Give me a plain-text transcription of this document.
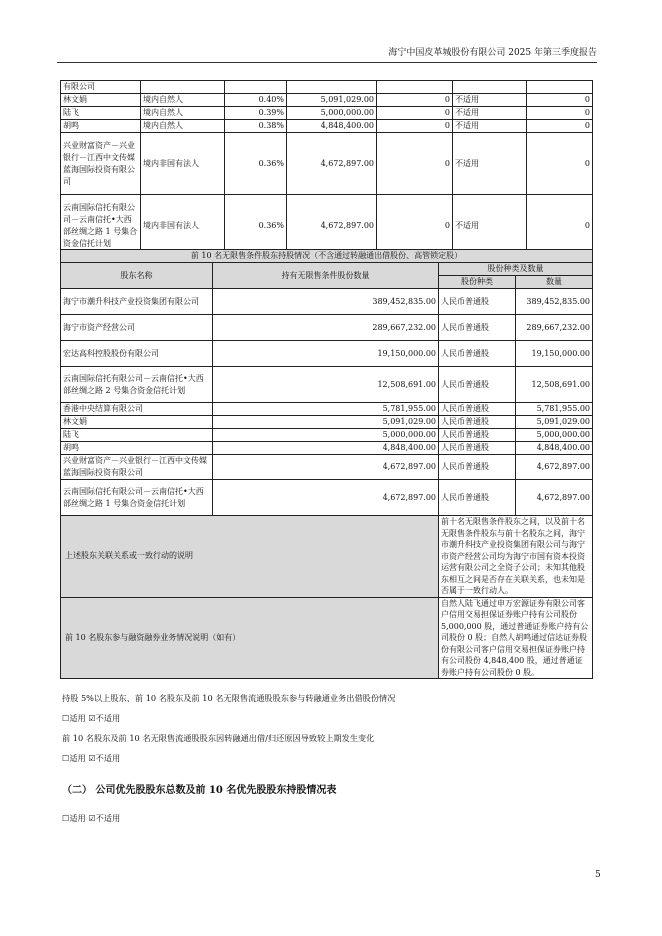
海宁中国皮革城股份有限公司 2025 年第三季度报告
有限公司						
林文娟	境内自然人	0.40%	5,091,029.00	0	不适用	0
陆飞	境内自然人	0.39%	5,000,000.00	0	不适用	0
胡鸣	境内自然人	0.38%	4,848,400.00	0	不适用	0
兴业财富资产－兴业银行－江西中文传媒蓝海国际投资有限公司	境内非国有法人	0.36%	4,672,897.00	0	不适用	0
云南国际信托有限公司－云南信托•大西部丝绸之路 1 号集合资金信托计划	境内非国有法人	0.36%	4,672,897.00	0	不适用	0
前 10 名无限售条件股东持股情况（不含通过转融通出借股份、高管锁定股）			
股东名称	持有无限售条件股份数量	股份种类及数量	
		股份种类	数量
海宁市潮升科技产业投资集团有限公司	389,452,835.00	人民币普通股	389,452,835.00
海宁市资产经营公司	289,667,232.00	人民币普通股	289,667,232.00
宏达高科控股股份有限公司	19,150,000.00	人民币普通股	19,150,000.00
云南国际信托有限公司－云南信托•大西部丝绸之路 2 号集合资金信托计划	12,508,691.00	人民币普通股	12,508,691.00
香港中央结算有限公司	5,781,955.00	人民币普通股	5,781,955.00
林文娟	5,091,029.00	人民币普通股	5,091,029.00
陆飞	5,000,000.00	人民币普通股	5,000,000.00
胡鸣	4,848,400.00	人民币普通股	4,848,400.00
兴业财富资产－兴业银行－江西中文传媒蓝海国际投资有限公司	4,672,897.00	人民币普通股	4,672,897.00
云南国际信托有限公司－云南信托•大西部丝绸之路 1 号集合资金信托计划	4,672,897.00	人民币普通股	4,672,897.00
上述股东关联关系或一致行动的说明		前十名无限售条件股东之间，以及前十名无限售条件股东与前十名股东之间，海宁市潮升科技产业投资集团有限公司与海宁市资产经营公司均为海宁市国有资本投资运营有限公司之全资子公司；未知其他股东相互之间是否存在关联关系，也未知是否属于一致行动人。	
前 10 名股东参与融资融券业务情况说明（如有）		自然人陆飞通过申万宏源证券有限公司客户信用交易担保证券账户持有公司股份 5,000,000 股，通过普通证券账户持有公司股份 0 股；自然人胡鸣通过信达证券股份有限公司客户信用交易担保证券账户持有公司股份 4,848,400 股，通过普通证券账户持有公司股份 0 股。	
持股 5%以上股东、前 10 名股东及前 10 名无限售流通股股东参与转融通业务出借股份情况
☐适用 ☑不适用
前 10 名股东及前 10 名无限售流通股股东因转融通出借/归还原因导致较上期发生变化
☐适用 ☑不适用
（二） 公司优先股股东总数及前 10 名优先股股东持股情况表
☐适用 ☑不适用
5
